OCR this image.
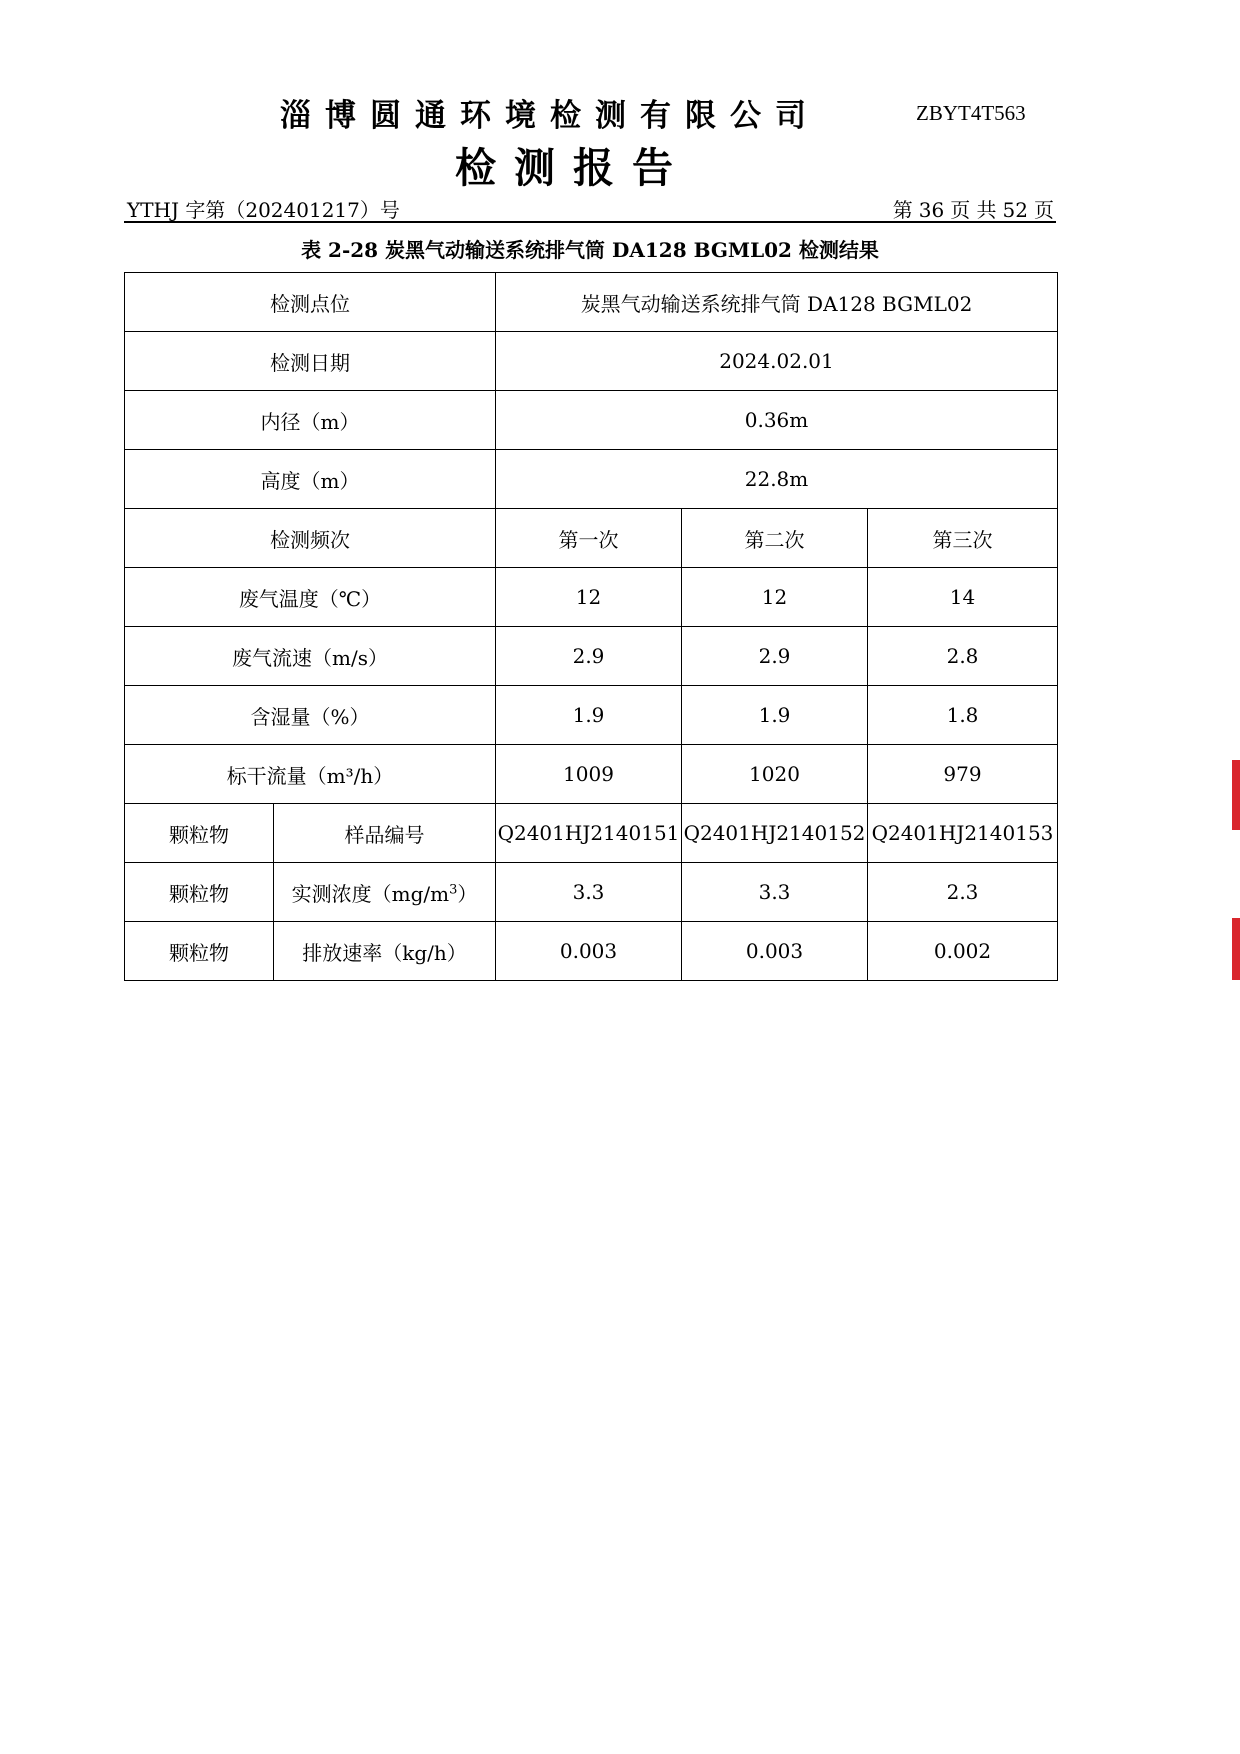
淄博圆通环境检测有限公司	ZBYT4T563
检测报告
YTHJ 字第（202401217）号	第 36 页 共 52 页
表 2-28 炭黑气动输送系统排气筒 DA128 BGML02 检测结果
检测点位		炭黑气动输送系统排气筒 DA128 BGML02		
检测日期		2024.02.01		
内径（m）		0.36m		
高度（m）		22.8m		
检测频次		第一次	第二次	第三次
废气温度（℃）		12	12	14
废气流速（m/s）		2.9	2.9	2.8
含湿量（%）		1.9	1.9	1.8
标干流量（m³/h）		1009	1020	979
颗粒物	样品编号	Q2401HJ2140151	Q2401HJ2140152	Q2401HJ2140153
颗粒物	实测浓度$(mg/m^3)$	3.3	3.3	2.3
颗粒物	排放速率（kg/h）	0.003	0.003	0.002
